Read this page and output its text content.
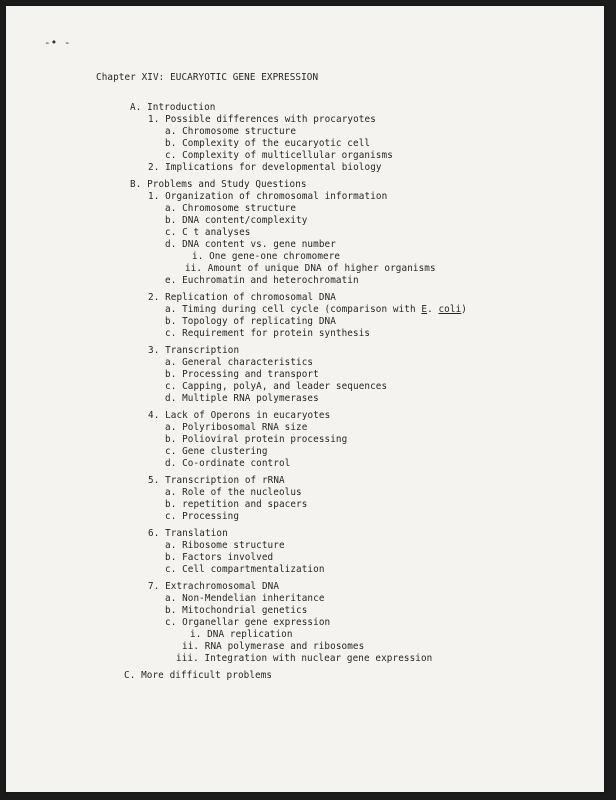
-• -
Chapter XIV: EUCARYOTIC GENE EXPRESSION
A. Introduction
1. Possible differences with procaryotes
a. Chromosome structure
b. Complexity of the eucaryotic cell
c. Complexity of multicellular organisms
2. Implications for developmental biology
B. Problems and Study Questions
1. Organization of chromosomal information
a. Chromosome structure
b. DNA content/complexity
c. C t analyses
d. DNA content vs. gene number
i. One gene-one chromomere
ii. Amount of unique DNA of higher organisms
e. Euchromatin and heterochromatin
2. Replication of chromosomal DNA
a. Timing during cell cycle (comparison with E. coli)
b. Topology of replicating DNA
c. Requirement for protein synthesis
3. Transcription
a. General characteristics
b. Processing and transport
c. Capping, polyA, and leader sequences
d. Multiple RNA polymerases
4. Lack of Operons in eucaryotes
a. Polyribosomal RNA size
b. Polioviral protein processing
c. Gene clustering
d. Co-ordinate control
5. Transcription of rRNA
a. Role of the nucleolus
b. repetition and spacers
c. Processing
6. Translation
a. Ribosome structure
b. Factors involved
c. Cell compartmentalization
7. Extrachromosomal DNA
a. Non-Mendelian inheritance
b. Mitochondrial genetics
c. Organellar gene expression
i. DNA replication
ii. RNA polymerase and ribosomes
iii. Integration with nuclear gene expression
C. More difficult problems
